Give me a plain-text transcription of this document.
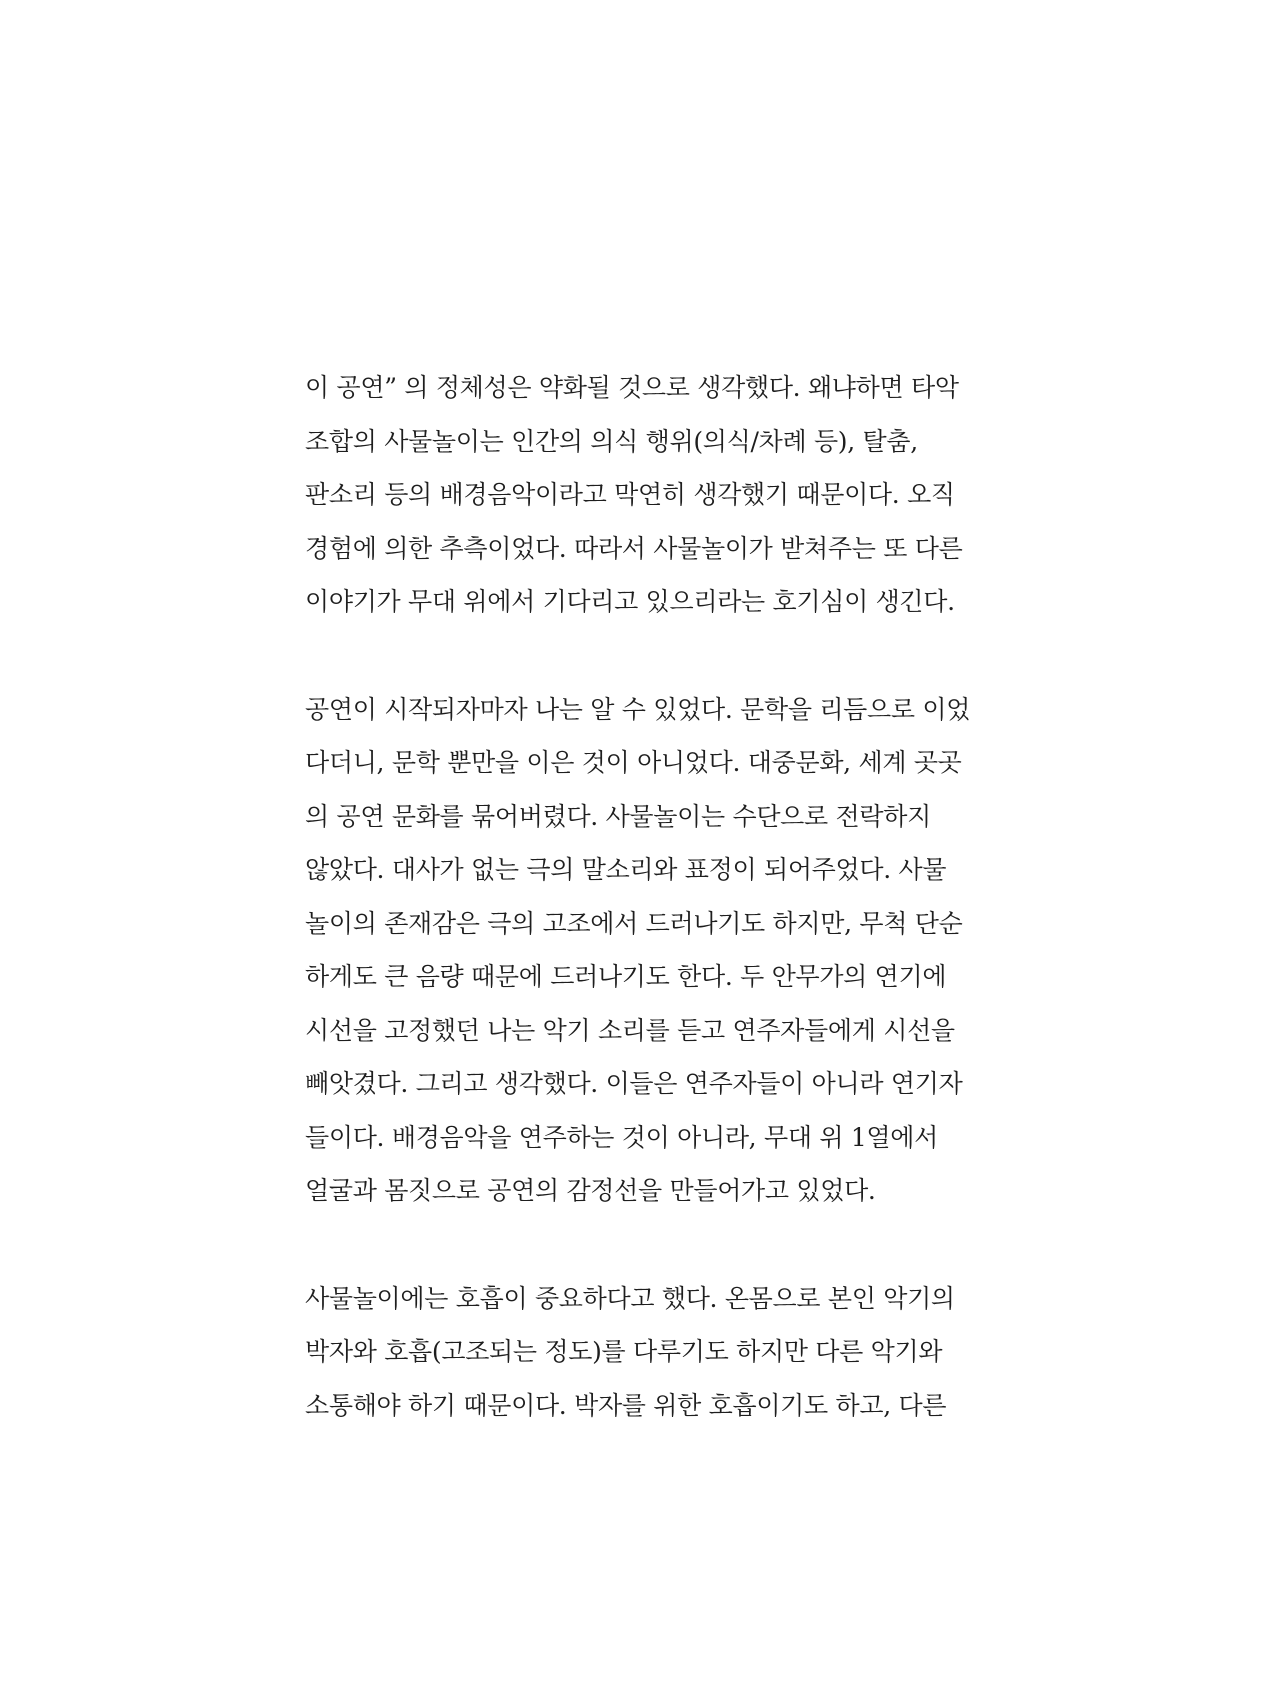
이 공연” 의 정체성은 약화될 것으로 생각했다. 왜냐하면 타악
조합의 사물놀이는 인간의 의식 행위(의식/차례 등), 탈춤,
판소리 등의 배경음악이라고 막연히 생각했기 때문이다. 오직
경험에 의한 추측이었다. 따라서 사물놀이가 받쳐주는 또 다른
이야기가 무대 위에서 기다리고 있으리라는 호기심이 생긴다.
공연이 시작되자마자 나는 알 수 있었다. 문학을 리듬으로 이었
다더니, 문학 뿐만을 이은 것이 아니었다. 대중문화, 세계 곳곳
의 공연 문화를 묶어버렸다. 사물놀이는 수단으로 전락하지
않았다. 대사가 없는 극의 말소리와 표정이 되어주었다. 사물
놀이의 존재감은 극의 고조에서 드러나기도 하지만, 무척 단순
하게도 큰 음량 때문에 드러나기도 한다. 두 안무가의 연기에
시선을 고정했던 나는 악기 소리를 듣고 연주자들에게 시선을
빼앗겼다. 그리고 생각했다. 이들은 연주자들이 아니라 연기자
들이다. 배경음악을 연주하는 것이 아니라, 무대 위 1열에서
얼굴과 몸짓으로 공연의 감정선을 만들어가고 있었다.
사물놀이에는 호흡이 중요하다고 했다. 온몸으로 본인 악기의
박자와 호흡(고조되는 정도)를 다루기도 하지만 다른 악기와
소통해야 하기 때문이다. 박자를 위한 호흡이기도 하고, 다른
